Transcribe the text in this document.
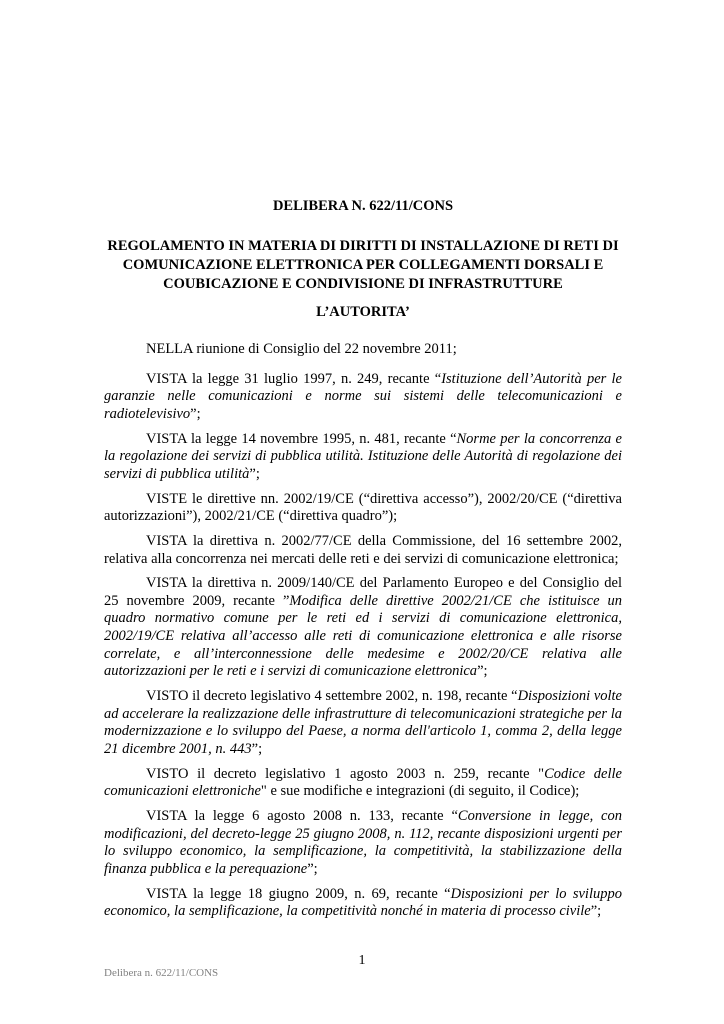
DELIBERA N. 622/11/CONS
REGOLAMENTO IN MATERIA DI DIRITTI DI INSTALLAZIONE DI RETI DI COMUNICAZIONE ELETTRONICA PER COLLEGAMENTI DORSALI E COUBICAZIONE E CONDIVISIONE DI INFRASTRUTTURE
L’AUTORITA’

NELLA riunione di Consiglio del 22 novembre 2011;

VISTA la legge 31 luglio 1997, n. 249, recante “Istituzione dell’Autorità per le garanzie nelle comunicazioni e norme sui sistemi delle telecomunicazioni e radiotelevisivo”;

VISTA la legge 14 novembre 1995, n. 481, recante “Norme per la concorrenza e la regolazione dei servizi di pubblica utilità. Istituzione delle Autorità di regolazione dei servizi di pubblica utilità”;

VISTE le direttive nn. 2002/19/CE (“direttiva accesso”), 2002/20/CE (“direttiva autorizzazioni”), 2002/21/CE (“direttiva quadro”);

VISTA la direttiva n. 2002/77/CE della Commissione, del 16 settembre 2002, relativa alla concorrenza nei mercati delle reti e dei servizi di comunicazione elettronica;

VISTA la direttiva n. 2009/140/CE del Parlamento Europeo e del Consiglio del 25 novembre 2009, recante ”Modifica delle direttive 2002/21/CE che istituisce un quadro normativo comune per le reti ed i servizi di comunicazione elettronica, 2002/19/CE relativa all’accesso alle reti di comunicazione elettronica e alle risorse correlate, e all’interconnessione delle medesime e 2002/20/CE relativa alle autorizzazioni per le reti e i servizi di comunicazione elettronica”;

VISTO il decreto legislativo 4 settembre 2002, n. 198, recante “Disposizioni volte ad accelerare la realizzazione delle infrastrutture di telecomunicazioni strategiche per la modernizzazione e lo sviluppo del Paese, a norma dell'articolo 1, comma 2, della legge 21 dicembre 2001, n. 443”;

VISTO il decreto legislativo 1 agosto 2003 n. 259, recante "Codice delle comunicazioni elettroniche" e sue modifiche e integrazioni (di seguito, il Codice);

VISTA la legge 6 agosto 2008 n. 133, recante “Conversione in legge, con modificazioni, del decreto-legge 25 giugno 2008, n. 112, recante disposizioni urgenti per lo sviluppo economico, la semplificazione, la competitività, la stabilizzazione della finanza pubblica e la perequazione”;

VISTA la legge 18 giugno 2009, n. 69, recante “Disposizioni per lo sviluppo economico, la semplificazione, la competitività nonché in materia di processo civile”;

1
Delibera n. 622/11/CONS
